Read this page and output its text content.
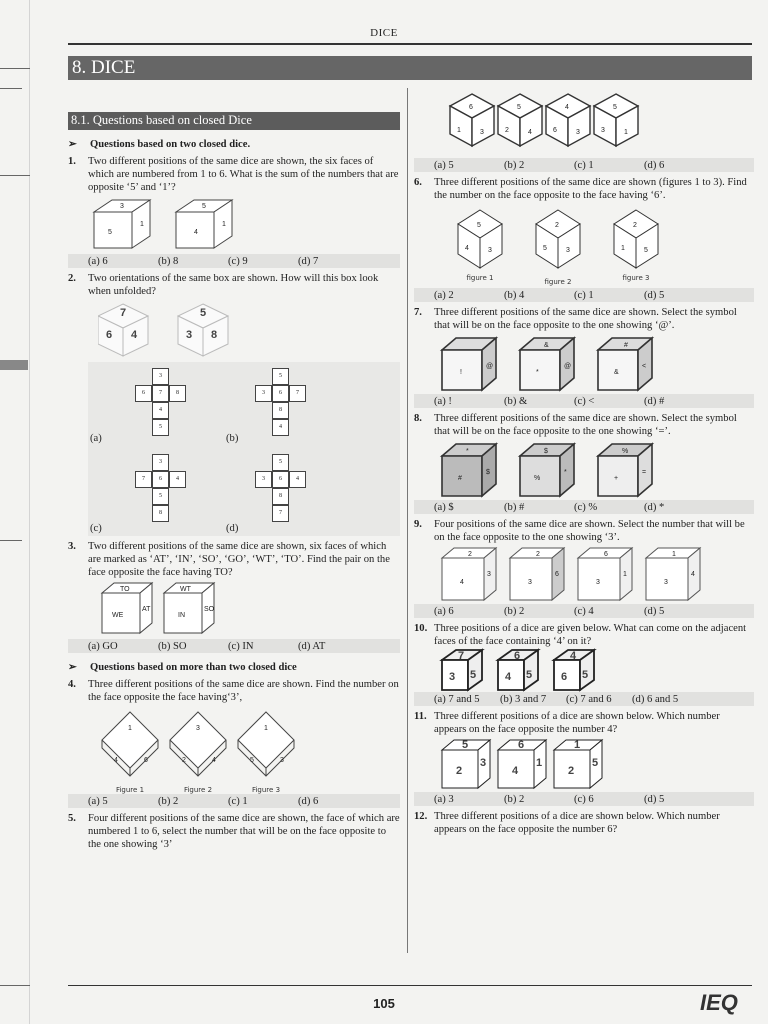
DICE
8. DICE
8.1. Questions based on closed Dice
➢	Questions based on two closed dice.
1.	Two different positions of the same dice are shown, the six faces of which are numbered from 1 to 6. What is the sum of the numbers that are opposite ‘5’ and ‘1’?
3
5
1
5
4
1
(a) 6	(b) 8	(c) 9	(d) 7
2.	Two orientations of the same box are shown. How will this box look when unfolded?
7
6 4
5
3 8
3
6	7	8
4
5
5
3	6	7
8
4
3
7	6	4
5
8
5
3	6	4
8
7
(a)	(b)
(c)	(d)
3.	Two different positions of the same dice are shown, six faces of which are marked as ‘AT’, ‘IN’, ‘SO’, ‘GO’, ‘WT’, ‘TO’. Find the pair on the face opposite the face having TO?
TO
WE
AT
WT
IN
SO
(a) GO	(b) SO	(c) IN	(d) AT
➢	Questions based on more than two closed dice
4.	Three different positions of the same dice are shown. Find the number on the face opposite the face having‘3’,
1
4	6
3
2	4
1
5	3
Figure 1	Figure 2	Figure 3
(a) 5	(b) 2	(c) 1	(d) 6
5.	Four different positions of the same dice are shown, the face of which are numbered 1 to 6, select the number that will be on the face opposite to the one showing ‘3’
6
1	3
5
2	4
4
6	3
5
3	1
(a) 5	(b) 2	(c) 1	(d) 6
6.	Three different positions of the same dice are shown (figures 1 to 3). Find the number on the face opposite to the face having ‘6’.
5
4	3
2
5	3
2
1	5
figure 1	figure 2	figure 3
(a) 2	(b) 4	(c) 1	(d) 5
7.	Three different positions of the same dice are shown. Select the symbol that will be on the face opposite to the one showing ‘@’.
!
@
&
*
@
#
&
<
(a) !	(b) &	(c) <	(d) #
8.	Three different positions of the same dice are shown. Select the symbol that will be on the face opposite to the one showing ‘=’.
*
#
$
$
%
*
%
+
=
(a) $	(b) #	(c) %	(d) *
9.	Four positions of the same dice are shown. Select the number that will be on the face opposite to the one showing ‘3’.
2
4
3
2
3
6
6
3
1
1
3
4
(a) 6	(b) 2	(c) 4	(d) 5
10. Three positions of a dice are given below. What can come on the adjacent faces of the face containing ‘4’ on it?
7
3 5
6
4 5
4
6 5
(a) 7 and 5	(b) 3 and 7	(c) 7 and 6	(d) 6 and 5
11. Three different positions of a dice are shown below. Which number appears on the face opposite the number 4?
5
2
3
6
4
1
1
2
5
(a) 3	(b) 2	(c) 6	(d) 5
12. Three different positions of a dice are shown below. Which number appears on the face opposite the number 6?
105	IEQ
